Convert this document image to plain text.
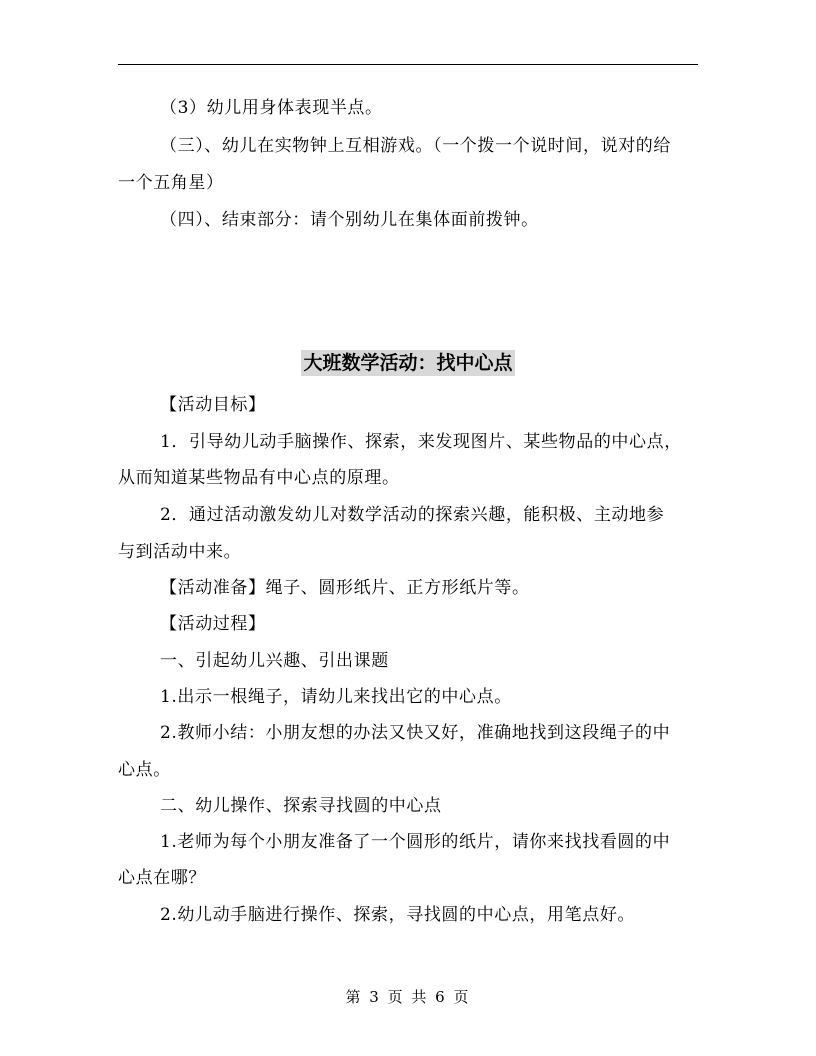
（3）幼儿用身体表现半点。
（三）、幼儿在实物钟上互相游戏。（一个拨一个说时间，说对的给
一个五角星）
（四）、结束部分：请个别幼儿在集体面前拨钟。
大班数学活动：找中心点
【活动目标】
1．引导幼儿动手脑操作、探索，来发现图片、某些物品的中心点，
从而知道某些物品有中心点的原理。
2．通过活动激发幼儿对数学活动的探索兴趣，能积极、主动地参
与到活动中来。
【活动准备】绳子、圆形纸片、正方形纸片等。
【活动过程】
一、引起幼儿兴趣、引出课题
1.出示一根绳子，请幼儿来找出它的中心点。
2.教师小结：小朋友想的办法又快又好，准确地找到这段绳子的中
心点。
二、幼儿操作、探索寻找圆的中心点
1.老师为每个小朋友准备了一个圆形的纸片，请你来找找看圆的中
心点在哪？
2.幼儿动手脑进行操作、探索，寻找圆的中心点，用笔点好。
第 3 页 共 6 页
